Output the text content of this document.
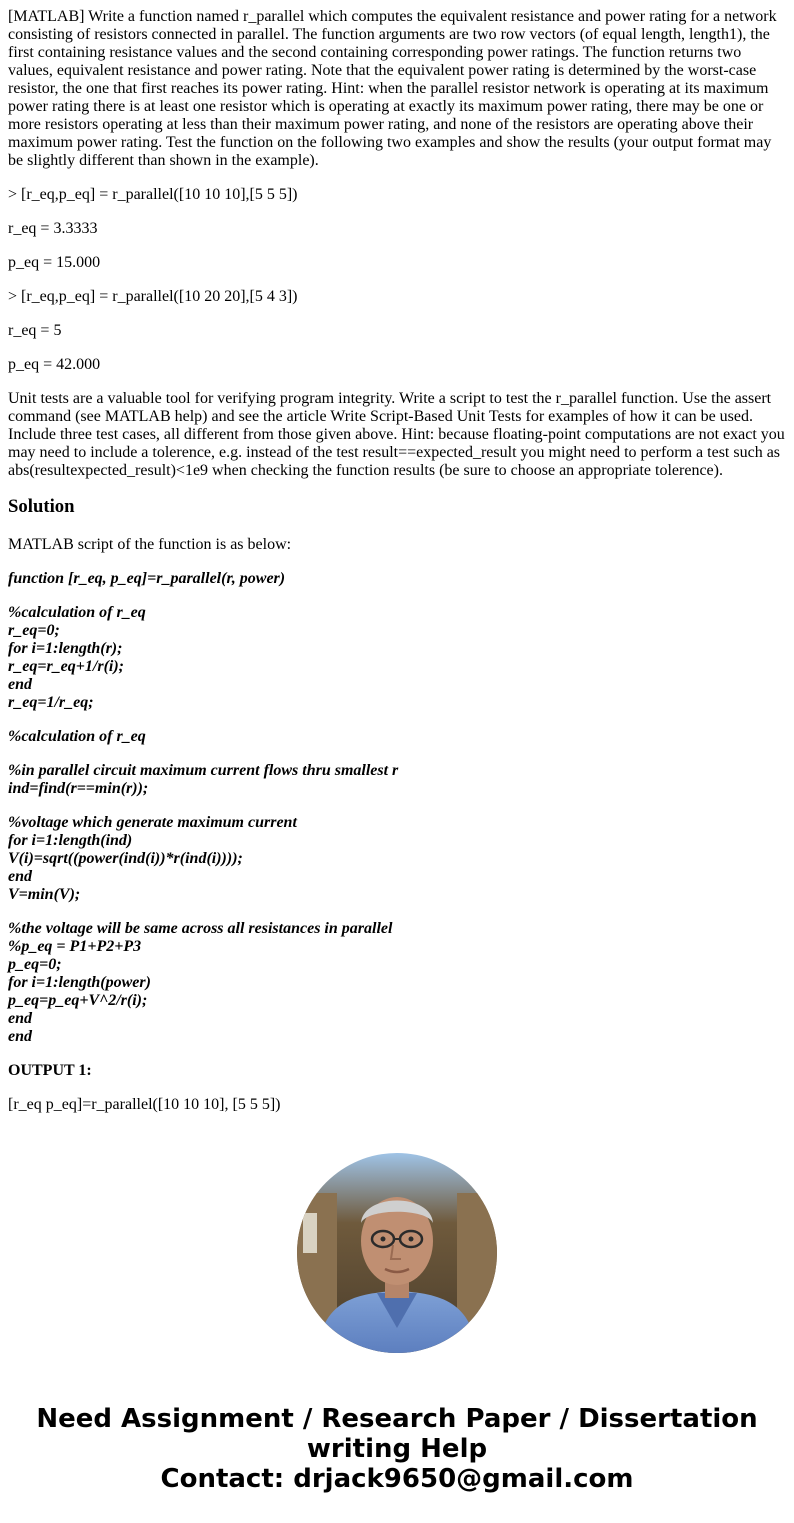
[MATLAB] Write a function named r_parallel which computes the equivalent resistance and power rating for a network consisting of resistors connected in parallel. The function arguments are two row vectors (of equal length, length1), the first containing resistance values and the second containing corresponding power ratings. The function returns two values, equivalent resistance and power rating. Note that the equivalent power rating is determined by the worst-case resistor, the one that first reaches its power rating. Hint: when the parallel resistor network is operating at its maximum power rating there is at least one resistor which is operating at exactly its maximum power rating, there may be one or more resistors operating at less than their maximum power rating, and none of the resistors are operating above their maximum power rating. Test the function on the following two examples and show the results (your output format may be slightly different than shown in the example).

> [r_eq,p_eq] = r_parallel([10 10 10],[5 5 5])

r_eq = 3.3333

p_eq = 15.000

> [r_eq,p_eq] = r_parallel([10 20 20],[5 4 3])

r_eq = 5

p_eq = 42.000

Unit tests are a valuable tool for verifying program integrity. Write a script to test the r_parallel function. Use the assert command (see MATLAB help) and see the article Write Script-Based Unit Tests for examples of how it can be used. Include three test cases, all different from those given above. Hint: because floating-point computations are not exact you may need to include a tolerence, e.g. instead of the test result==expected_result you might need to perform a test such as abs(resultexpected_result)<1e9 when checking the function results (be sure to choose an appropriate tolerence).

Solution

MATLAB script of the function is as below:

function [r_eq, p_eq]=r_parallel(r, power)

%calculation of r_eq
r_eq=0;
for i=1:length(r);
r_eq=r_eq+1/r(i);
end
r_eq=1/r_eq;

%calculation of r_eq

%in parallel circuit maximum current flows thru smallest r
ind=find(r==min(r));

%voltage which generate maximum current
for i=1:length(ind)
V(i)=sqrt((power(ind(i))*r(ind(i))));
end
V=min(V);

%the voltage will be same across all resistances in parallel
%p_eq = P1+P2+P3
p_eq=0;
for i=1:length(power)
p_eq=p_eq+V^2/r(i);
end
end

OUTPUT 1:

[r_eq p_eq]=r_parallel([10 10 10], [5 5 5])

Need Assignment / Research Paper / Dissertation writing Help
Contact: drjack9650@gmail.com
